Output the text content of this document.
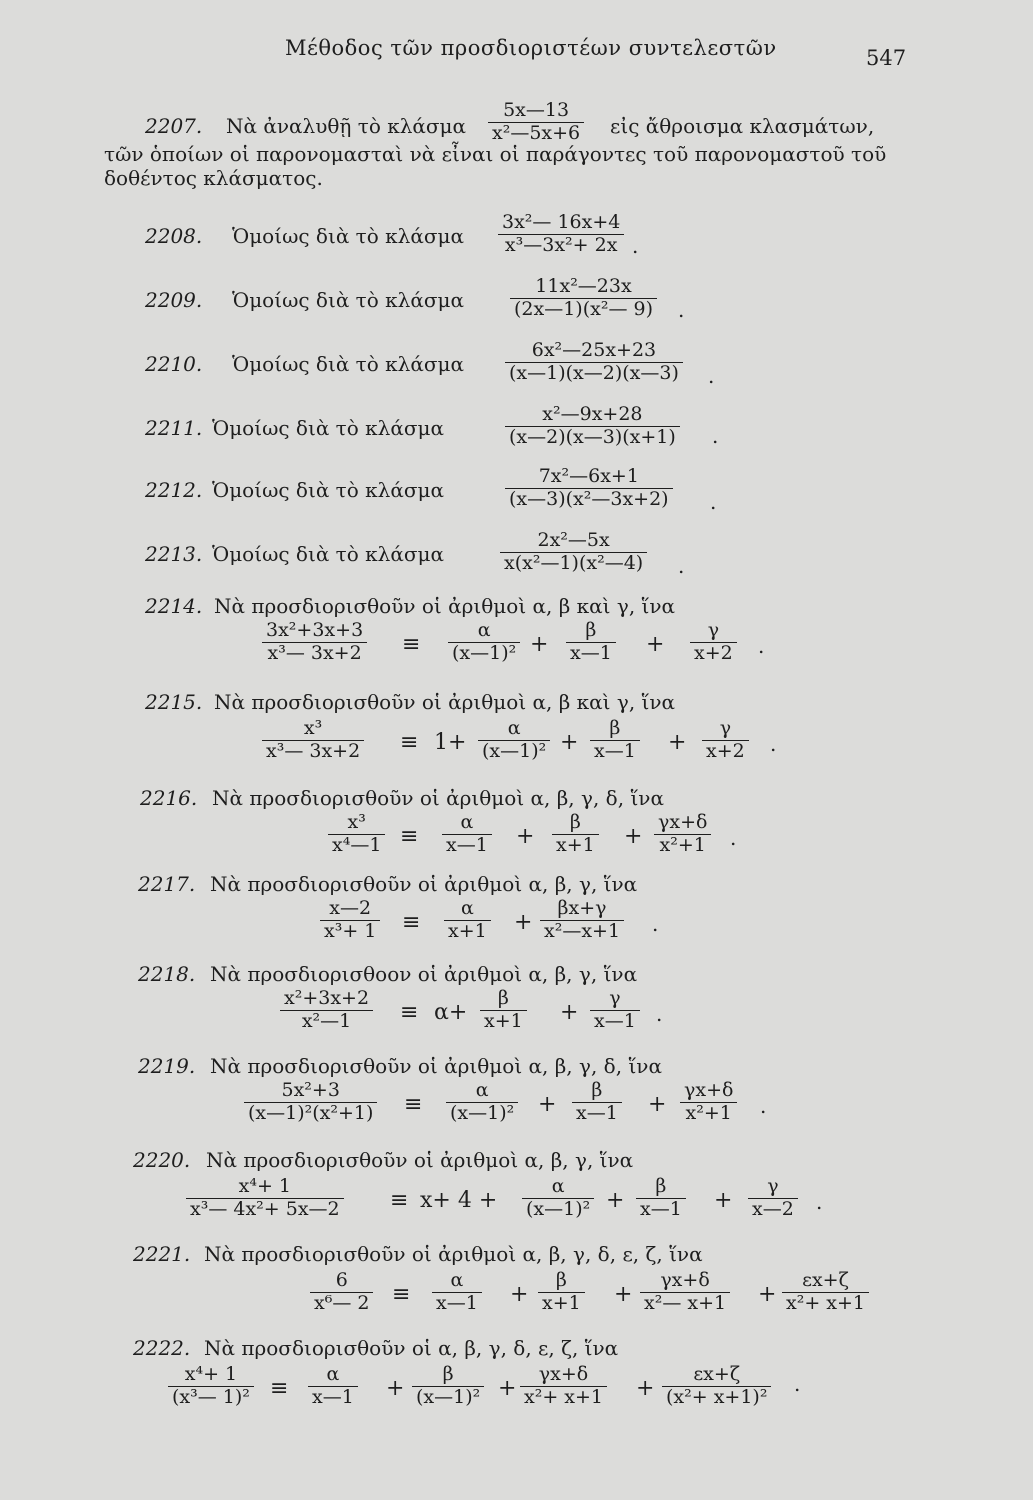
Μέθοδος τῶν προσδιοριστέων συντελεστῶν	547
2207. Νὰ ἀναλυθῇ τὸ κλάσμα
5x—13
x²—5x+6 εἰς ἄθροισμα κλασμάτων,
τῶν ὁποίων οἱ παρονομασταὶ νὰ εἶναι οἱ παράγοντες τοῦ παρονομαστοῦ τοῦ
δοθέντος κλάσματος.
2208. Ὁμοίως διὰ τὸ κλάσμα
3x²— 16x+4
x³—3x²+ 2x .
2209. Ὁμοίως διὰ τὸ κλάσμα
11x²—23x
(2x—1)(x²— 9) .
2210. Ὁμοίως διὰ τὸ κλάσμα
6x²—25x+23
(x—1)(x—2)(x—3) .
2211. Ὁμοίως διὰ τὸ κλάσμα
x²—9x+28
(x—2)(x—3)(x+1) .
2212. Ὁμοίως διὰ τὸ κλάσμα
7x²—6x+1
(x—3)(x²—3x+2) .
2213. Ὁμοίως διὰ τὸ κλάσμα
2x²—5x
x(x²—1)(x²—4) .
2214. Νὰ προσδιορισθοῦν οἱ ἀριθμοὶ α, β καὶ γ, ἵνα
3x²+3x+3
x³— 3x+2 ≡
α
(x—1)² +
β
x—1 +
γ
x+2 .
2215. Νὰ προσδιορισθοῦν οἱ ἀριθμοὶ α, β καὶ γ, ἵνα
x³
x³— 3x+2 ≡ 1+
α
(x—1)² +
β
x—1 +
γ
x+2 .
2216. Νὰ προσδιορισθοῦν οἱ ἀριθμοὶ α, β, γ, δ, ἵνα
x³
x⁴—1 ≡
α
x—1 +
β
x+1 +
γx+δ
x²+1 .
2217. Νὰ προσδιορισθοῦν οἱ ἀριθμοὶ α, β, γ, ἵνα
x—2
x³+ 1 ≡
α
x+1 +
βx+γ
x²—x+1 .
2218. Νὰ προσδιορισθοον οἱ ἀριθμοὶ α, β, γ, ἵνα
x²+3x+2
x²—1 ≡ α+
β
x+1 +
γ
x—1 .
2219. Νὰ προσδιορισθοῦν οἱ ἀριθμοὶ α, β, γ, δ, ἵνα
5x²+3
(x—1)²(x²+1) ≡
α
(x—1)² +
β
x—1 +
γx+δ
x²+1 .
2220. Νὰ προσδιορισθοῦν οἱ ἀριθμοὶ α, β, γ, ἵνα
x⁴+ 1
x³— 4x²+ 5x—2 ≡ x+ 4 +
α
(x—1)² +
β
x—1 +
γ
x—2 .
2221. Νὰ προσδιορισθοῦν οἱ ἀριθμοὶ α, β, γ, δ, ε, ζ, ἵνα
6
x⁶— 2 ≡
α
x—1 +
β
x+1 +
γx+δ
x²— x+1 +
εx+ζ
x²+ x+1
2222. Νὰ προσδιορισθοῦν οἱ α, β, γ, δ, ε, ζ, ἵνα
x⁴+ 1
(x³— 1)² ≡
α
x—1 +
β
(x—1)² +
γx+δ
x²+ x+1 +
εx+ζ
(x²+ x+1)²
.
